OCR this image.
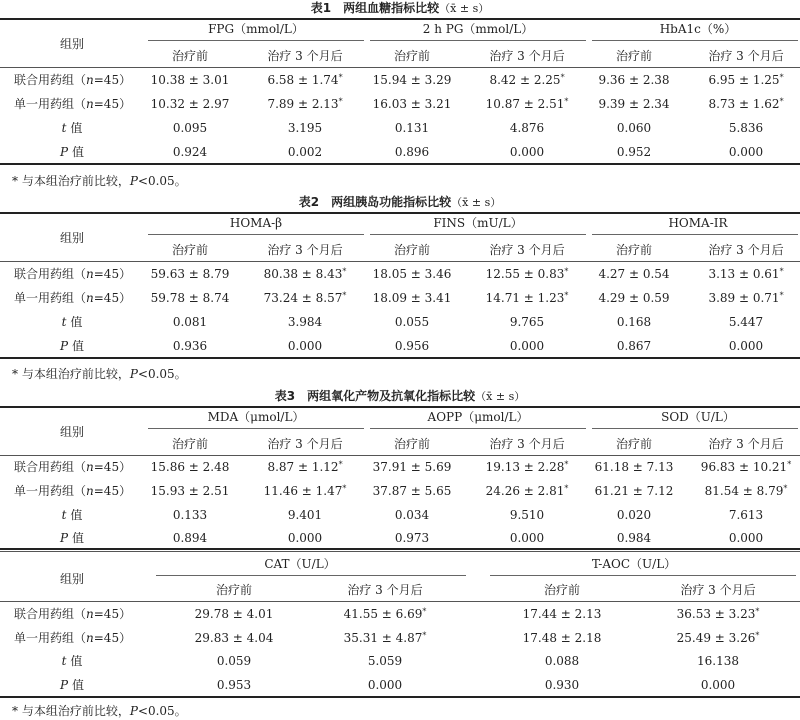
表1 两组血糖指标比较（x̄ ± s）
组别
FPG（mmol/L）	2 h PG（mmol/L）	HbA1c（%）
治疗前	治疗 3 个月后	治疗前	治疗 3 个月后	治疗前	治疗 3 个月后
联合用药组（n=45） 10.38 ± 3.01	6.58 ± 1.74*	15.94 ± 3.29	8.42 ± 2.25*	9.36 ± 2.38	6.95 ± 1.25*
单一用药组（n=45） 10.32 ± 2.97	7.89 ± 2.13*	16.03 ± 3.21	10.87 ± 2.51*	9.39 ± 2.34	8.73 ± 1.62*
t 值	0.095	3.195	0.131	4.876	0.060	5.836
P 值	0.924	0.002	0.896	0.000	0.952	0.000
* 与本组治疗前比较，P<0.05。
表2 两组胰岛功能指标比较（x̄ ± s）
组别
HOMA-β	FINS（mU/L）	HOMA-IR
治疗前	治疗 3 个月后	治疗前	治疗 3 个月后	治疗前	治疗 3 个月后
联合用药组（n=45） 59.63 ± 8.79	80.38 ± 8.43* 18.05 ± 3.46	12.55 ± 0.83*	4.27 ± 0.54	3.13 ± 0.61*
单一用药组（n=45） 59.78 ± 8.74	73.24 ± 8.57* 18.09 ± 3.41	14.71 ± 1.23*	4.29 ± 0.59	3.89 ± 0.71*
t 值	0.081	3.984	0.055	9.765	0.168	5.447
P 值	0.936	0.000	0.956	0.000	0.867	0.000
* 与本组治疗前比较，P<0.05。
表3 两组氧化产物及抗氧化指标比较（x̄ ± s）
组别
MDA（μmol/L）	AOPP（μmol/L）	SOD（U/L）
治疗前	治疗 3 个月后	治疗前	治疗 3 个月后	治疗前	治疗 3 个月后
联合用药组（n=45） 15.86 ± 2.48	8.87 ± 1.12*	37.91 ± 5.69	19.13 ± 2.28* 61.18 ± 7.13 96.83 ± 10.21*
单一用药组（n=45） 15.93 ± 2.51	11.46 ± 1.47* 37.87 ± 5.65	24.26 ± 2.81* 61.21 ± 7.12	81.54 ± 8.79*
t 值	0.133	9.401	0.034	9.510	0.020	7.613
P 值	0.894	0.000	0.973	0.000	0.984	0.000
组别
CAT（U/L）	T-AOC（U/L）
治疗前	治疗 3 个月后	治疗前	治疗 3 个月后
联合用药组（n=45）	29.78 ± 4.01	41.55 ± 6.69*	17.44 ± 2.13	36.53 ± 3.23*
单一用药组（n=45）	29.83 ± 4.04	35.31 ± 4.87*	17.48 ± 2.18	25.49 ± 3.26*
t 值	0.059	5.059	0.088	16.138
P 值	0.953	0.000	0.930	0.000
* 与本组治疗前比较，P<0.05。
